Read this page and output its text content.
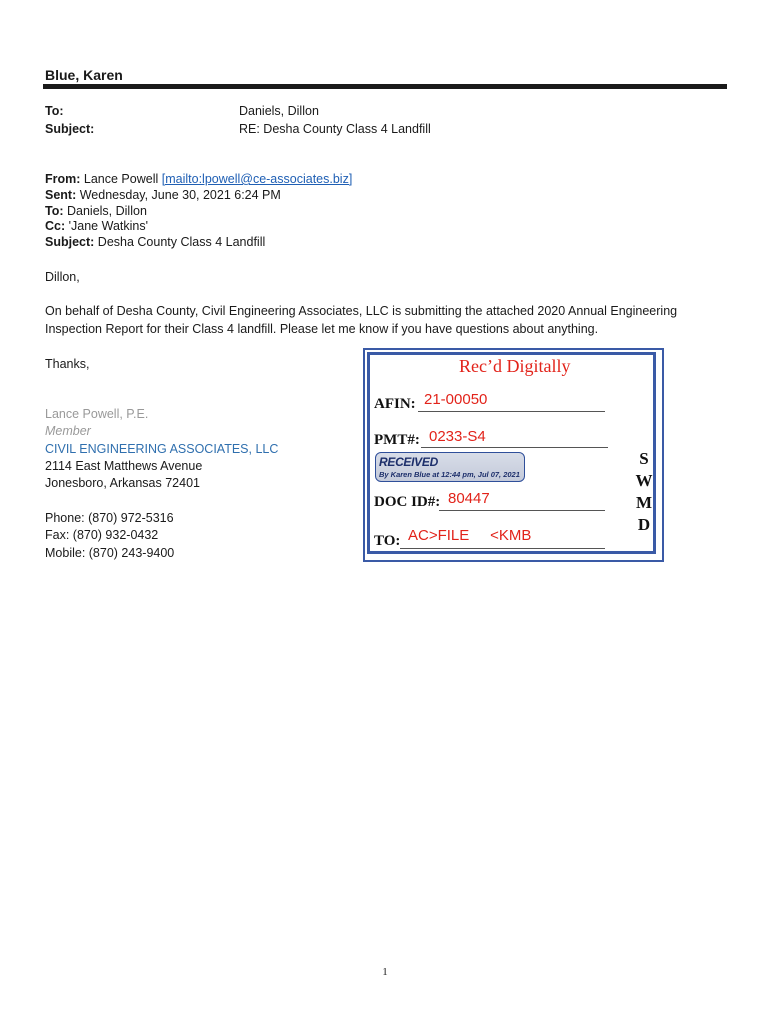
Blue, Karen
To:	Daniels, Dillon
Subject:	RE: Desha County Class 4 Landfill
From: Lance Powell [mailto:lpowell@ce-associates.biz]
Sent: Wednesday, June 30, 2021 6:24 PM
To: Daniels, Dillon
Cc: 'Jane Watkins'
Subject: Desha County Class 4 Landfill
Dillon,
On behalf of Desha County, Civil Engineering Associates, LLC is submitting the attached 2020 Annual Engineering
Inspection Report for their Class 4 landfill. Please let me know if you have questions about anything.
Thanks,
Lance Powell, P.E.
Member
CIVIL ENGINEERING ASSOCIATES, LLC
2114 East Matthews Avenue
Jonesboro, Arkansas 72401
Phone: (870) 972-5316
Fax: (870) 932-0432
Mobile: (870) 243-9400
Rec’d Digitally
AFIN: 21-00050
PMT#: 0233-S4
RECEIVED
By Karen Blue at 12:44 pm, Jul 07, 2021
DOC ID#: 80447
TO: AC>FILE     <KMB
S
W
M
D
1
